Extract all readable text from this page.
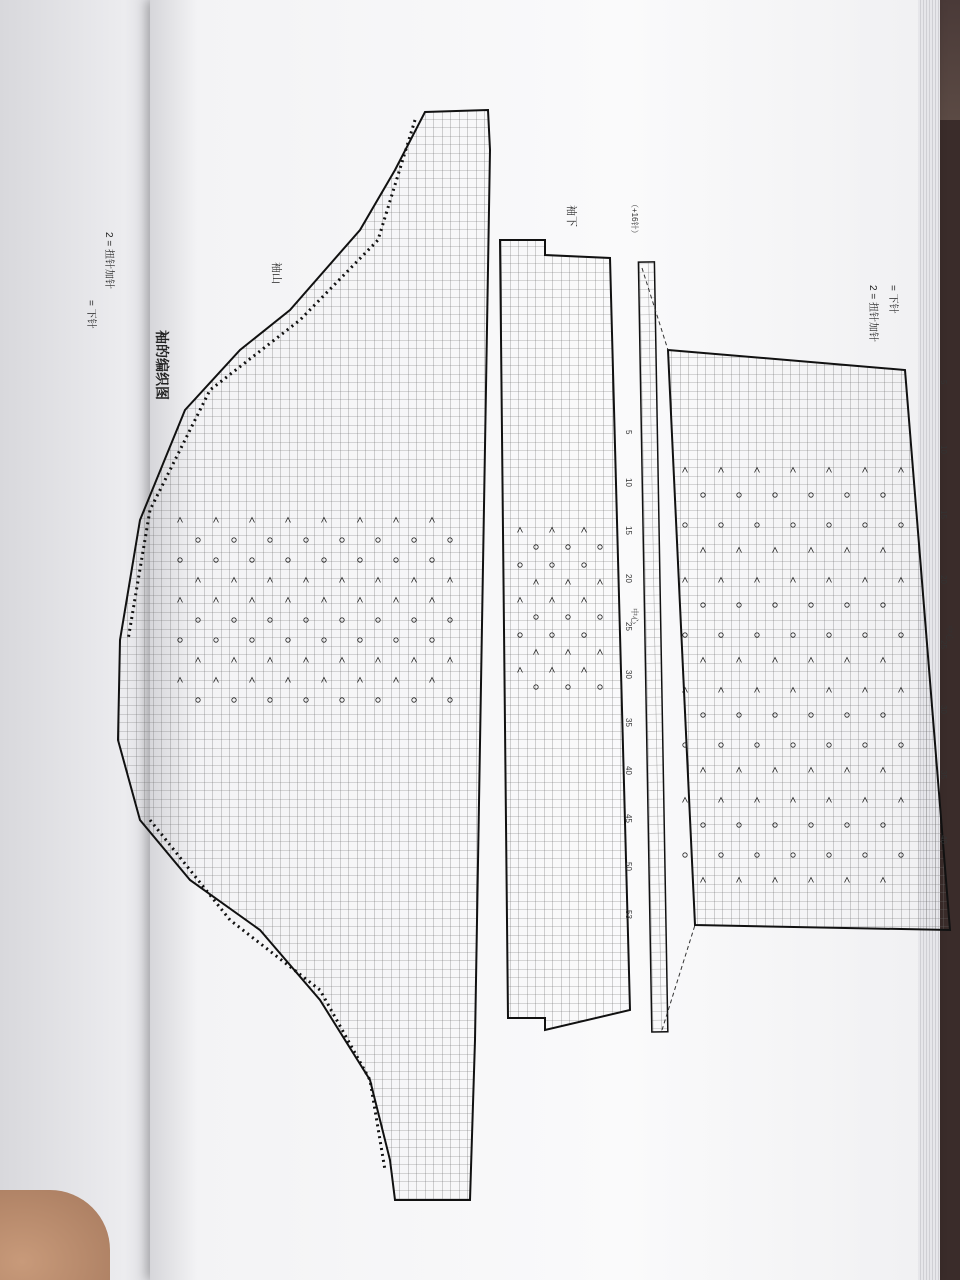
2 = 扭针加针
= 下针
袖的编织图
袖山
袖下	（+16针）
中心
中心
2 = 扭针加针 = 下针
5
10
15
20
25
30
35
40
45
50
53
5
10
15
20
25
30
35
40
